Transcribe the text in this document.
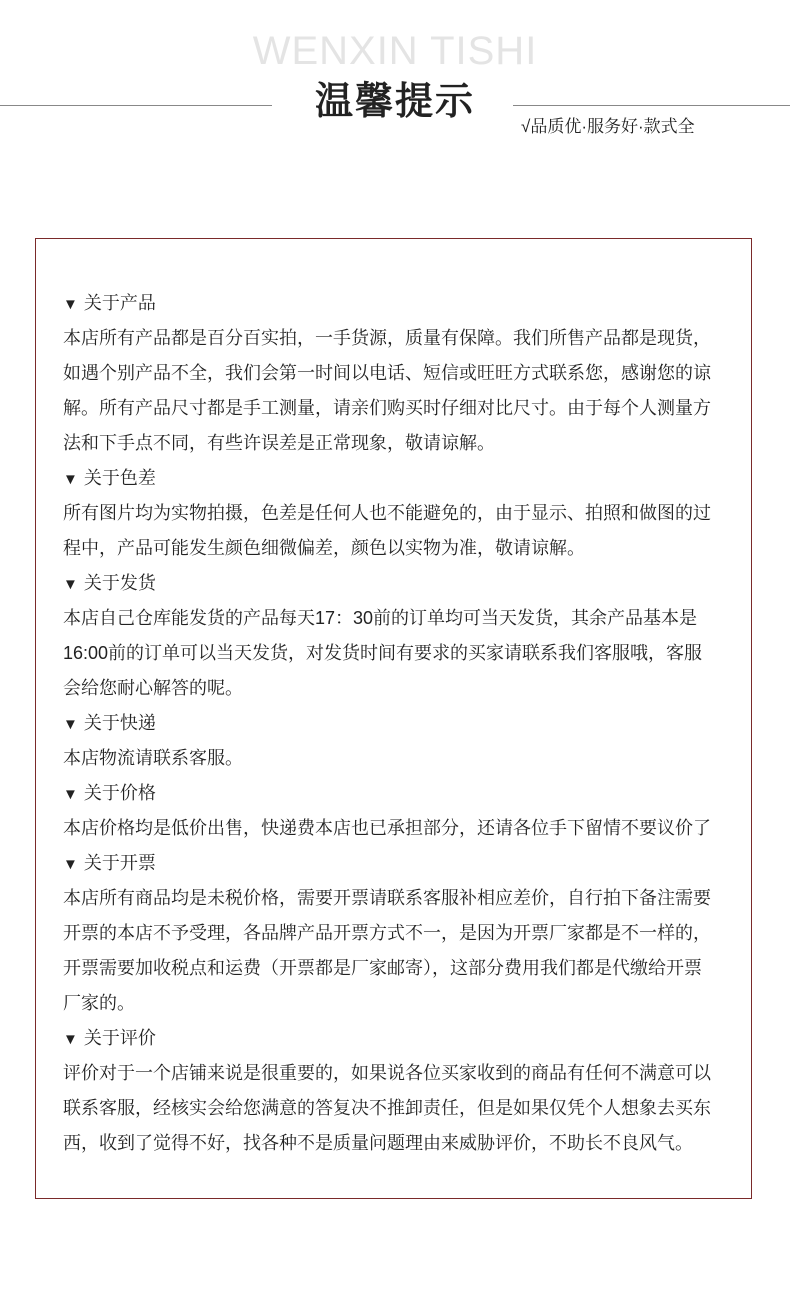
WENXIN TISHI
温馨提示
√品质优·服务好·款式全
▼ 关于产品
本店所有产品都是百分百实拍，一手货源，质量有保障。我们所售产品都是现货，
如遇个别产品不全，我们会第一时间以电话、短信或旺旺方式联系您，感谢您的谅
解。所有产品尺寸都是手工测量，请亲们购买时仔细对比尺寸。由于每个人测量方
法和下手点不同，有些许误差是正常现象，敬请谅解。
▼ 关于色差
所有图片均为实物拍摄，色差是任何人也不能避免的，由于显示、拍照和做图的过
程中，产品可能发生颜色细微偏差，颜色以实物为准，敬请谅解。
▼ 关于发货
本店自己仓库能发货的产品每天17：30前的订单均可当天发货，其余产品基本是
16:00前的订单可以当天发货，对发货时间有要求的买家请联系我们客服哦，客服
会给您耐心解答的呢。
▼ 关于快递
本店物流请联系客服。
▼ 关于价格
本店价格均是低价出售，快递费本店也已承担部分，还请各位手下留情不要议价了
▼ 关于开票
本店所有商品均是未税价格，需要开票请联系客服补相应差价，自行拍下备注需要
开票的本店不予受理，各品牌产品开票方式不一，是因为开票厂家都是不一样的，
开票需要加收税点和运费（开票都是厂家邮寄），这部分费用我们都是代缴给开票
厂家的。
▼ 关于评价
评价对于一个店铺来说是很重要的，如果说各位买家收到的商品有任何不满意可以
联系客服，经核实会给您满意的答复决不推卸责任，但是如果仅凭个人想象去买东
西，收到了觉得不好，找各种不是质量问题理由来威胁评价，不助长不良风气。
